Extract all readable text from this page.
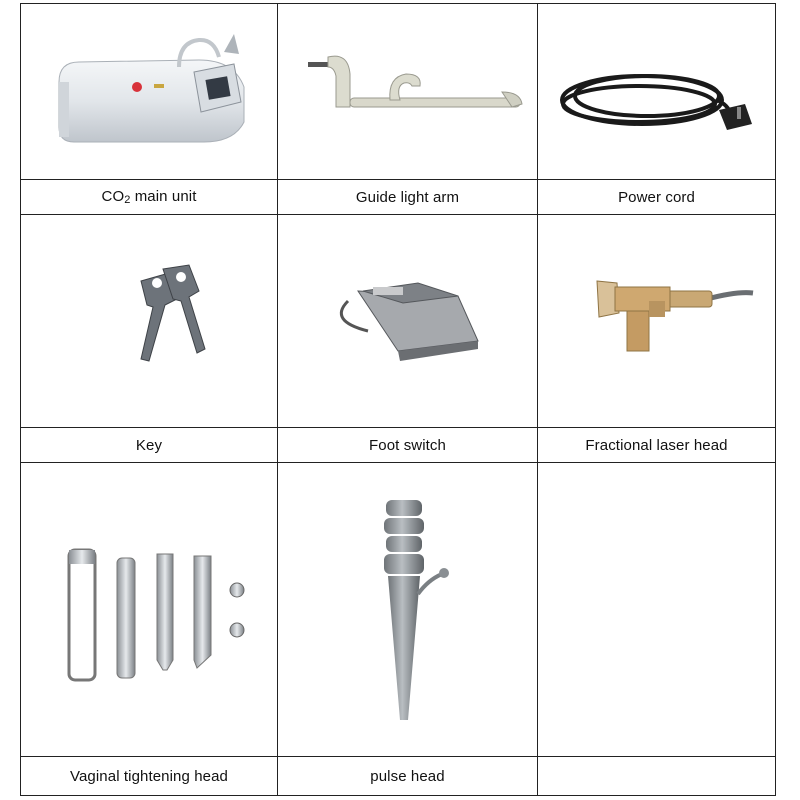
$CO_2$ main unit	Guide light arm	Power cord

Key	Foot switch	Fractional laser head

Vaginal tightening head	pulse head	
